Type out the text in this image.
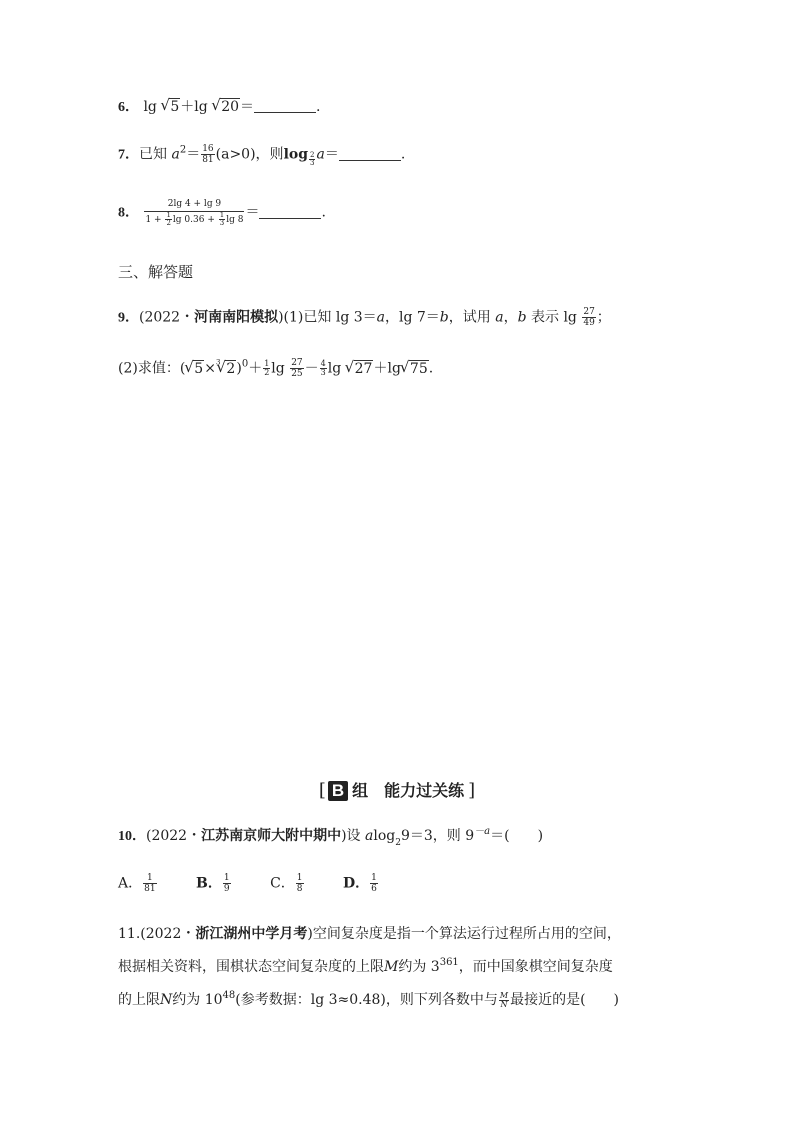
6． lg √ 5＋lg √ 20＝	.
7．已知 $a^2= \frac{16}{81} (a>0)$，则$\log \frac{2}{3} a=$	.
8． $\frac{2\lg 4 + \lg 9}{1 + \frac{1}{2} \lg 0.36 + \frac{1}{3} \lg 8}$ ＝	.
三、解答题
9．(2022・河南南阳模拟)(1)已知 lg 3＝a，lg 7＝b，试用 a，b 表示 $\lg \frac{27}{49}$ ；
(2)求值：( √ 5×$^3$ √ $2)^0+ \frac{1}{2}$ $\lg \frac{27}{25} - \frac{4}{3}$ lg √ 27＋lg √ 75.
[ B 组　能力过关练 ]
10．(2022・江苏南京师大附中期中)设 alog$_2$9＝3，则 $9^{-a}=$(　　)
A． $\frac{1}{81}$	B． $\frac{1}{9}$	C． $\frac{1}{8}$	D． $\frac{1}{6}$
11.(2022・浙江湖州中学月考)空间复杂度是指一个算法运行过程所占用的空间，
根据相关资料，围棋状态空间复杂度的上限M约为 $3^{361}$，而中国象棋空间复杂度
的上限N约为 $10^{48}$(参考数据：lg 3≈0.48)，则下列各数中与 $\frac{M}{N}$ 最接近的是(　　)
